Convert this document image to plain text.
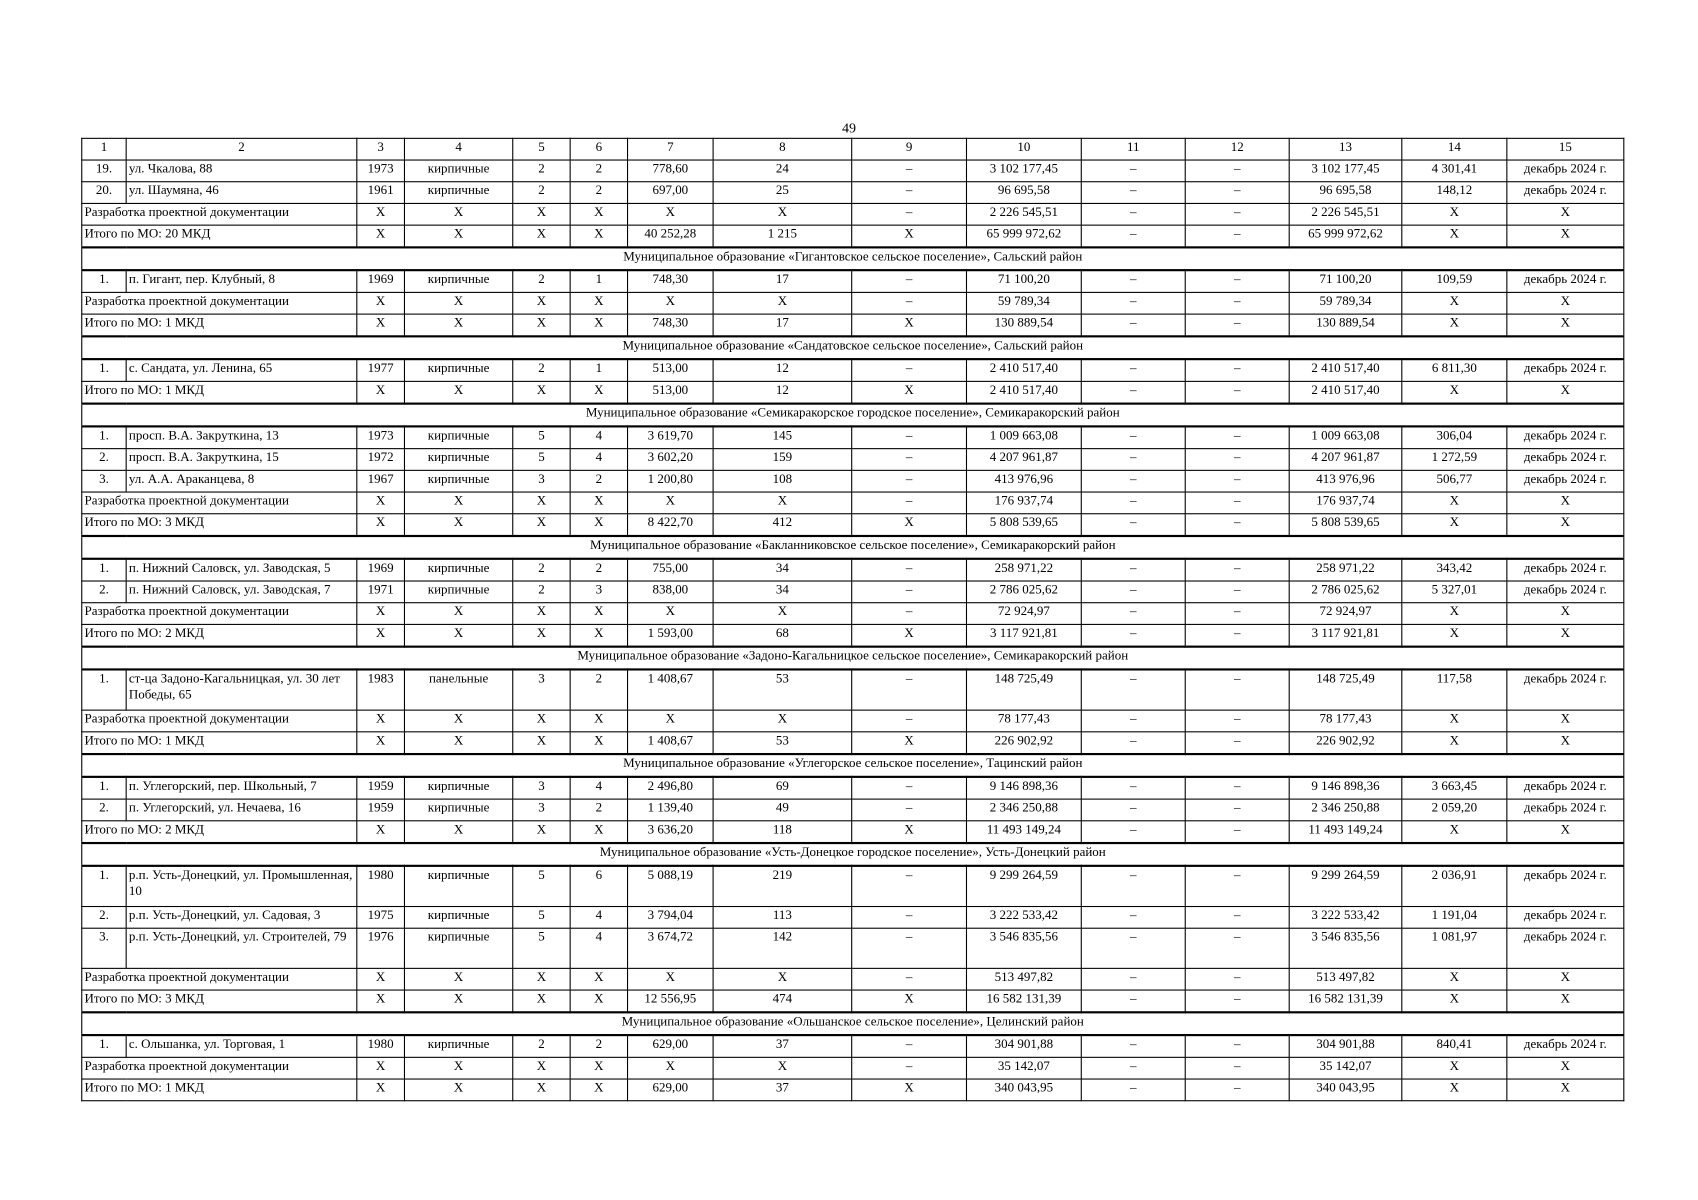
49
1	2	3	4	5	6	7	8	9	10	11	12	13	14	15
19.	ул. Чкалова, 88	1973	кирпичные	2	2	778,60	24	–	3 102 177,45	–	–	3 102 177,45	4 301,41	декабрь 2024 г.
20.	ул. Шаумяна, 46	1961	кирпичные	2	2	697,00	25	–	96 695,58	–	–	96 695,58	148,12	декабрь 2024 г.
Разработка проектной документации		Х	Х	Х	Х	Х	Х	–	2 226 545,51	–	–	2 226 545,51	Х	Х
Итого по МО: 20 МКД		Х	Х	Х	Х	40 252,28	1 215	Х	65 999 972,62	–	–	65 999 972,62	Х	Х
Муниципальное образование «Гигантовское сельское поселение», Сальский район														
1.	п. Гигант, пер. Клубный, 8	1969	кирпичные	2	1	748,30	17	–	71 100,20	–	–	71 100,20	109,59	декабрь 2024 г.
Разработка проектной документации		Х	Х	Х	Х	Х	Х	–	59 789,34	–	–	59 789,34	Х	Х
Итого по МО: 1 МКД		Х	Х	Х	Х	748,30	17	Х	130 889,54	–	–	130 889,54	Х	Х
Муниципальное образование «Сандатовское сельское поселение», Сальский район														
1.	с. Сандата, ул. Ленина, 65	1977	кирпичные	2	1	513,00	12	–	2 410 517,40	–	–	2 410 517,40	6 811,30	декабрь 2024 г.
Итого по МО: 1 МКД		Х	Х	Х	Х	513,00	12	Х	2 410 517,40	–	–	2 410 517,40	Х	Х
Муниципальное образование «Семикаракорское городское поселение», Семикаракорский район														
1.	просп. В.А. Закруткина, 13	1973	кирпичные	5	4	3 619,70	145	–	1 009 663,08	–	–	1 009 663,08	306,04	декабрь 2024 г.
2.	просп. В.А. Закруткина, 15	1972	кирпичные	5	4	3 602,20	159	–	4 207 961,87	–	–	4 207 961,87	1 272,59	декабрь 2024 г.
3.	ул. А.А. Араканцева, 8	1967	кирпичные	3	2	1 200,80	108	–	413 976,96	–	–	413 976,96	506,77	декабрь 2024 г.
Разработка проектной документации		Х	Х	Х	Х	Х	Х	–	176 937,74	–	–	176 937,74	Х	Х
Итого по МО: 3 МКД		Х	Х	Х	Х	8 422,70	412	Х	5 808 539,65	–	–	5 808 539,65	Х	Х
Муниципальное образование «Бакланниковское сельское поселение», Семикаракорский район														
1.	п. Нижний Саловск, ул. Заводская, 5	1969	кирпичные	2	2	755,00	34	–	258 971,22	–	–	258 971,22	343,42	декабрь 2024 г.
2.	п. Нижний Саловск, ул. Заводская, 7	1971	кирпичные	2	3	838,00	34	–	2 786 025,62	–	–	2 786 025,62	5 327,01	декабрь 2024 г.
Разработка проектной документации		Х	Х	Х	Х	Х	Х	–	72 924,97	–	–	72 924,97	Х	Х
Итого по МО: 2 МКД		Х	Х	Х	Х	1 593,00	68	Х	3 117 921,81	–	–	3 117 921,81	Х	Х
Муниципальное образование «Задоно-Кагальницкое сельское поселение», Семикаракорский район														
1.	ст-ца Задоно-Кагальницкая, ул. 30 лет Победы, 65	1983	панельные	3	2	1 408,67	53	–	148 725,49	–	–	148 725,49	117,58	декабрь 2024 г.
Разработка проектной документации		Х	Х	Х	Х	Х	Х	–	78 177,43	–	–	78 177,43	Х	Х
Итого по МО: 1 МКД		Х	Х	Х	Х	1 408,67	53	Х	226 902,92	–	–	226 902,92	Х	Х
Муниципальное образование «Углегорское сельское поселение», Тацинский район														
1.	п. Углегорский, пер. Школьный, 7	1959	кирпичные	3	4	2 496,80	69	–	9 146 898,36	–	–	9 146 898,36	3 663,45	декабрь 2024 г.
2.	п. Углегорский, ул. Нечаева, 16	1959	кирпичные	3	2	1 139,40	49	–	2 346 250,88	–	–	2 346 250,88	2 059,20	декабрь 2024 г.
Итого по МО: 2 МКД		Х	Х	Х	Х	3 636,20	118	Х	11 493 149,24	–	–	11 493 149,24	Х	Х
Муниципальное образование «Усть-Донецкое городское поселение», Усть-Донецкий район														
1.	р.п. Усть-Донецкий, ул. Промышленная, 10	1980	кирпичные	5	6	5 088,19	219	–	9 299 264,59	–	–	9 299 264,59	2 036,91	декабрь 2024 г.
2.	р.п. Усть-Донецкий, ул. Садовая, 3	1975	кирпичные	5	4	3 794,04	113	–	3 222 533,42	–	–	3 222 533,42	1 191,04	декабрь 2024 г.
3.	р.п. Усть-Донецкий, ул. Строителей, 79	1976	кирпичные	5	4	3 674,72	142	–	3 546 835,56	–	–	3 546 835,56	1 081,97	декабрь 2024 г.
Разработка проектной документации		Х	Х	Х	Х	Х	Х	–	513 497,82	–	–	513 497,82	Х	Х
Итого по МО: 3 МКД		Х	Х	Х	Х	12 556,95	474	Х	16 582 131,39	–	–	16 582 131,39	Х	Х
Муниципальное образование «Ольшанское сельское поселение», Целинский район														
1.	с. Ольшанка, ул. Торговая, 1	1980	кирпичные	2	2	629,00	37	–	304 901,88	–	–	304 901,88	840,41	декабрь 2024 г.
Разработка проектной документации		Х	Х	Х	Х	Х	Х	–	35 142,07	–	–	35 142,07	Х	Х
Итого по МО: 1 МКД		Х	Х	Х	Х	629,00	37	Х	340 043,95	–	–	340 043,95	Х	Х
